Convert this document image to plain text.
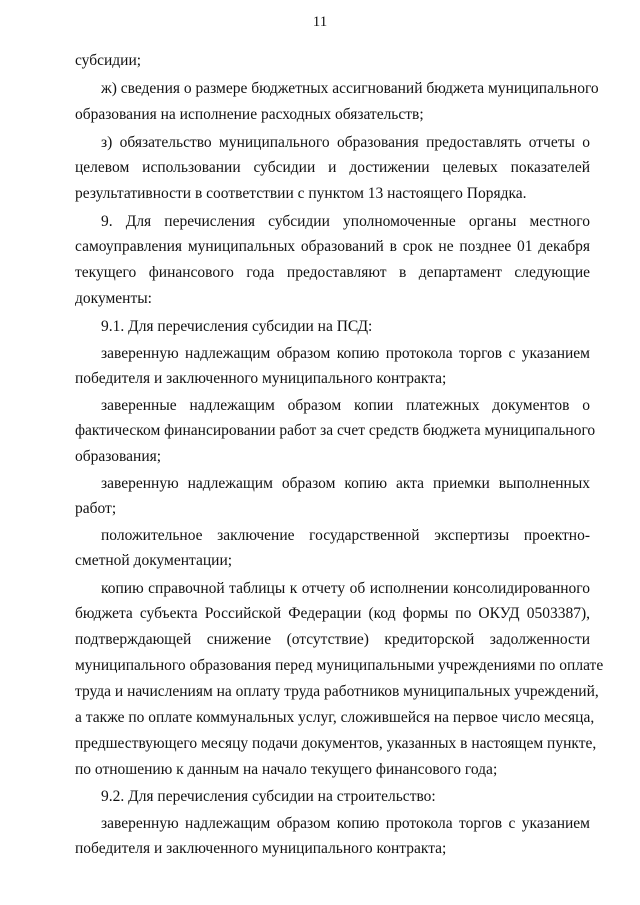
11
субсидии;
ж) сведения о размере бюджетных ассигнований бюджета муниципального
образования на исполнение расходных обязательств;
з) обязательство муниципального образования предоставлять отчеты о
целевом использовании субсидии и достижении целевых показателей
результативности в соответствии с пунктом 13 настоящего Порядка.
9. Для перечисления субсидии уполномоченные органы местного
самоуправления муниципальных образований в срок не позднее 01 декабря
текущего финансового года предоставляют в департамент следующие
документы:
9.1. Для перечисления субсидии на ПСД:
заверенную надлежащим образом копию протокола торгов с указанием
победителя и заключенного муниципального контракта;
заверенные надлежащим образом копии платежных документов о
фактическом финансировании работ за счет средств бюджета муниципального
образования;
заверенную надлежащим образом копию акта приемки выполненных
работ;
положительное заключение государственной экспертизы проектно-
сметной документации;
копию справочной таблицы к отчету об исполнении консолидированного
бюджета субъекта Российской Федерации (код формы по ОКУД 0503387),
подтверждающей снижение (отсутствие) кредиторской задолженности
муниципального образования перед муниципальными учреждениями по оплате
труда и начислениям на оплату труда работников муниципальных учреждений,
а также по оплате коммунальных услуг, сложившейся на первое число месяца,
предшествующего месяцу подачи документов, указанных в настоящем пункте,
по отношению к данным на начало текущего финансового года;
9.2. Для перечисления субсидии на строительство:
заверенную надлежащим образом копию протокола торгов с указанием
победителя и заключенного муниципального контракта;
